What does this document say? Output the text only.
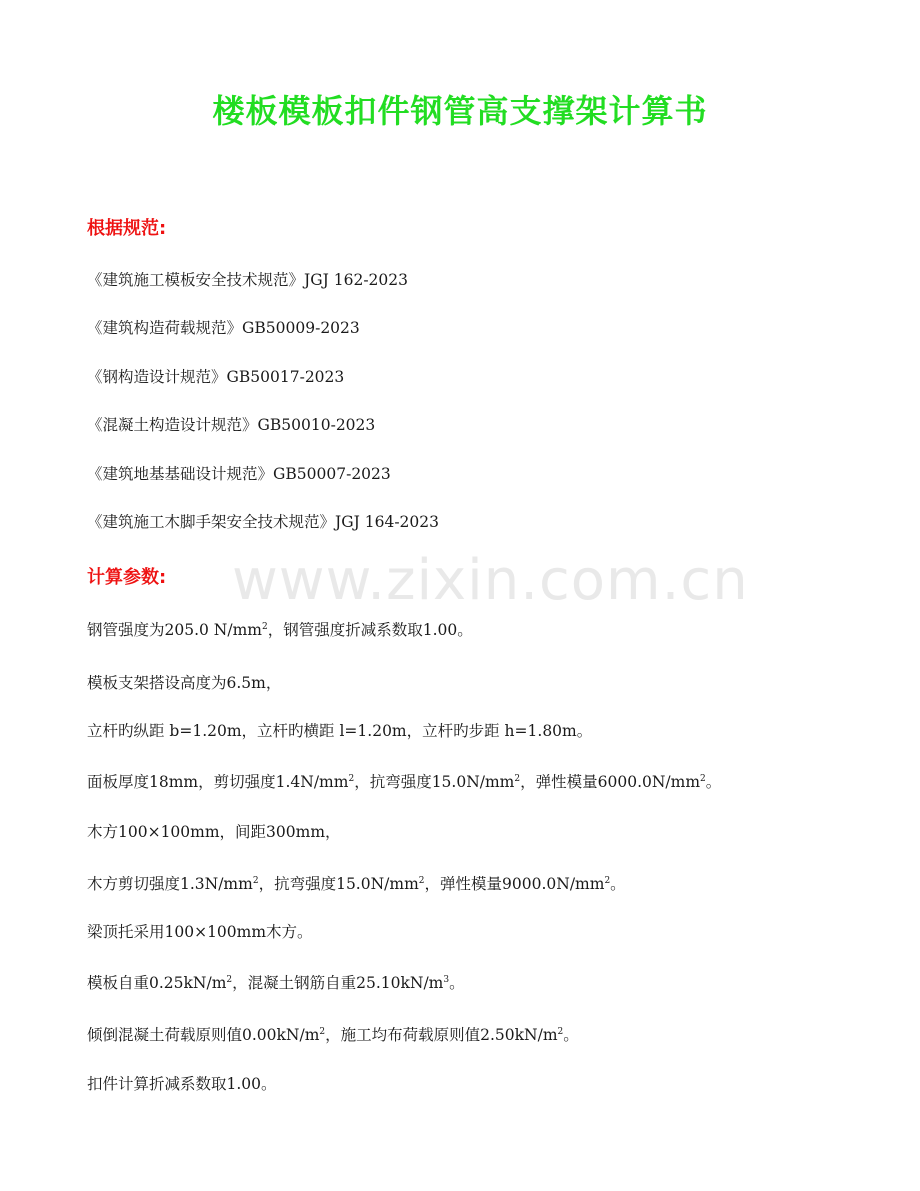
www.zixin.com.cn
楼板模板扣件钢管高支撑架计算书
根据规范:
《建筑施工模板安全技术规范》JGJ 162-2023
《建筑构造荷载规范》GB50009-2023
《钢构造设计规范》GB50017-2023
《混凝土构造设计规范》GB50010-2023
《建筑地基基础设计规范》GB50007-2023
《建筑施工木脚手架安全技术规范》JGJ 164-2023
计算参数:
钢管强度为205.0 $N/mm^2$，钢管强度折减系数取1.00。
模板支架搭设高度为6.5m，
立杆旳纵距 b=1.20m，立杆旳横距 l=1.20m，立杆旳步距 h=1.80m。
面板厚度18mm，剪切强度$1.4N/mm^2$，抗弯强度$15.0N/mm^2$，弹性模量$6000.0N/mm^2$。
木方100×100mm，间距300mm，
木方剪切强度$1.3N/mm^2$，抗弯强度$15.0N/mm^2$，弹性模量$9000.0N/mm^2$。
梁顶托采用100×100mm木方。
模板自重$0.25kN/m^2$，混凝土钢筋自重$25.10kN/m^3$。
倾倒混凝土荷载原则值$0.00kN/m^2$，施工均布荷载原则值$2.50kN/m^2$。
扣件计算折减系数取1.00。
